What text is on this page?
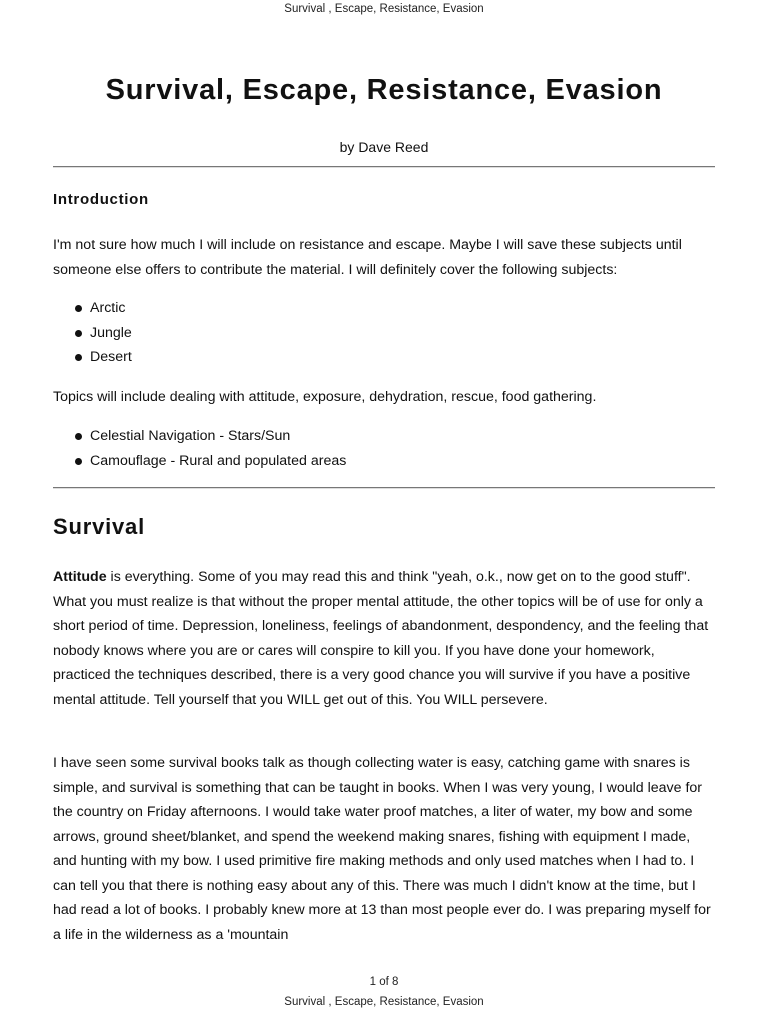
Survival , Escape, Resistance, Evasion
Survival, Escape, Resistance, Evasion
by Dave Reed
Introduction

I'm not sure how much I will include on resistance and escape. Maybe I will save these subjects until someone else offers to contribute the material. I will definitely cover the following subjects:

Arctic
Jungle
Desert

Topics will include dealing with attitude, exposure, dehydration, rescue, food gathering.

Celestial Navigation - Stars/Sun
Camouflage - Rural and populated areas
Survival

Attitude is everything. Some of you may read this and think "yeah, o.k., now get on to the good stuff". What you must realize is that without the proper mental attitude, the other topics will be of use for only a short period of time. Depression, loneliness, feelings of abandonment, despondency, and the feeling that nobody knows where you are or cares will conspire to kill you. If you have done your homework, practiced the techniques described, there is a very good chance you will survive if you have a positive mental attitude. Tell yourself that you WILL get out of this. You WILL persevere.

I have seen some survival books talk as though collecting water is easy, catching game with snares is simple, and survival is something that can be taught in books. When I was very young, I would leave for the country on Friday afternoons. I would take water proof matches, a liter of water, my bow and some arrows, ground sheet/blanket, and spend the weekend making snares, fishing with equipment I made, and hunting with my bow. I used primitive fire making methods and only used matches when I had to. I can tell you that there is nothing easy about any of this. There was much I didn't know at the time, but I had read a lot of books. I probably knew more at 13 than most people ever do. I was preparing myself for a life in the wilderness as a 'mountain

1 of 8
Survival , Escape, Resistance, Evasion
